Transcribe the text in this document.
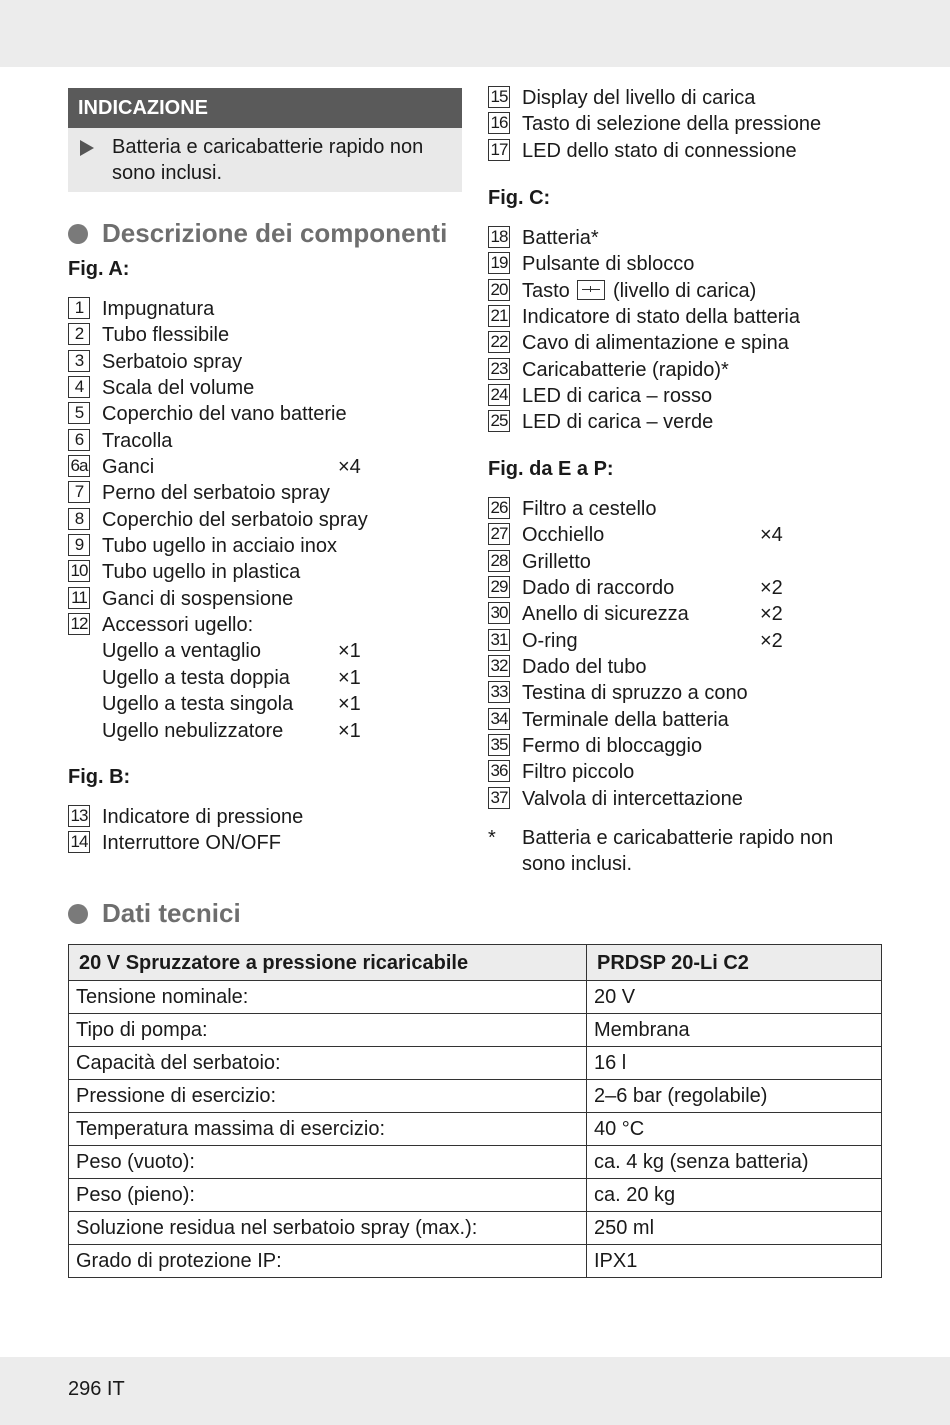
INDICAZIONE
Batteria e caricabatterie rapido non sono inclusi.
Descrizione dei componenti
Fig. A:
1 Impugnatura
2 Tubo flessibile
3 Serbatoio spray
4 Scala del volume
5 Coperchio del vano batterie
6 Tracolla
6a Ganci	×4
7 Perno del serbatoio spray
8 Coperchio del serbatoio spray
9 Tubo ugello in acciaio inox
10 Tubo ugello in plastica
11 Ganci di sospensione
12 Accessori ugello:
Ugello a ventaglio	×1
Ugello a testa doppia ×1
Ugello a testa singola ×1
Ugello nebulizzatore	×1
Fig. B:
13 Indicatore di pressione
14 Interruttore ON/OFF
15 Display del livello di carica
16 Tasto di selezione della pressione
17 LED dello stato di connessione
Fig. C:
18 Batteria*
19 Pulsante di sblocco
20 Tasto (livello di carica)
21 Indicatore di stato della batteria
22 Cavo di alimentazione e spina
23 Caricabatterie (rapido)*
24 LED di carica – rosso
25 LED di carica – verde
Fig. da E a P:
26 Filtro a cestello
27 Occhiello	×4
28 Grilletto
29 Dado di raccordo	×2
30 Anello di sicurezza	×2
31 O-ring	×2
32 Dado del tubo
33 Testina di spruzzo a cono
34 Terminale della batteria
35 Fermo di bloccaggio
36 Filtro piccolo
37 Valvola di intercettazione
* Batteria e caricabatterie rapido non sono inclusi.
Dati tecnici
20 V Spruzzatore a pressione ricaricabile	PRDSP 20-Li C2
Tensione nominale:	20 V
Tipo di pompa:	Membrana
Capacità del serbatoio:	16 l
Pressione di esercizio:	2–6 bar (regolabile)
Temperatura massima di esercizio:	40 °C
Peso (vuoto):	ca. 4 kg (senza batteria)
Peso (pieno):	ca. 20 kg
Soluzione residua nel serbatoio spray (max.):	250 ml
Grado di protezione IP:	IPX1
296 IT
